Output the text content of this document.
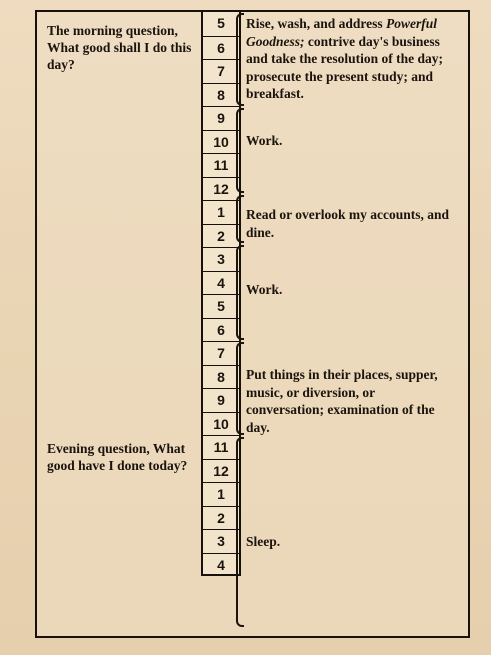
The morning question, What good shall I do this day?
Evening question, What good have I done today?
5
6
7
8
9
10
11
12
1
2
3
4
5
6
7
8
9
10
11
12
1
2
3
4
Rise, wash, and address Powerful Goodness; contrive day's business and take the resolution of the day; prosecute the present study; and breakfast.
Work.
Read or overlook my accounts, and dine.
Work.
Put things in their places, supper, music, or diversion, or conversation; examination of the day.
Sleep.
